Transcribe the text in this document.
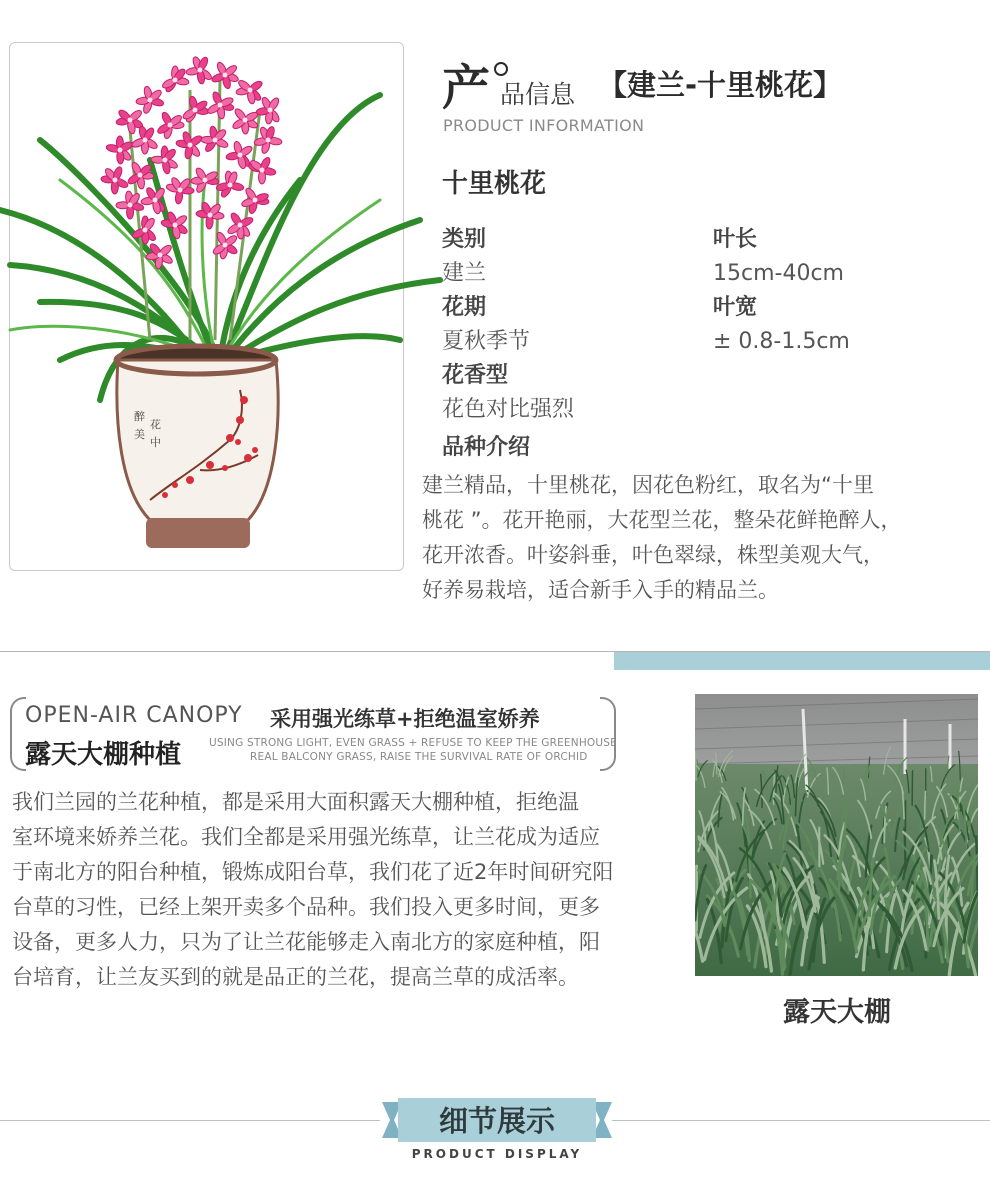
醉
美
花
中
产 品信息 【建兰-十里桃花】
PRODUCT INFORMATION
十里桃花
类别
建兰
花期
夏秋季节
花香型
花色对比强烈
叶长
15cm-40cm
叶宽
± 0.8-1.5cm
品种介绍
建兰精品，十里桃花，因花色粉红，取名为“十里
桃花 ”。花开艳丽，大花型兰花，整朵花鲜艳醉人，
花开浓香。叶姿斜垂，叶色翠绿，株型美观大气，
好养易栽培，适合新手入手的精品兰。
OPEN-AIR CANOPY 采用强光练草+拒绝温室娇养
露天大棚种植	USING STRONG LIGHT, EVEN GRASS + REFUSE TO KEEP THE GREENHOUSE
REAL BALCONY GRASS, RAISE THE SURVIVAL RATE OF ORCHID
我们兰园的兰花种植，都是采用大面积露天大棚种植，拒绝温
室环境来娇养兰花。我们全都是采用强光练草，让兰花成为适应
于南北方的阳台种植，锻炼成阳台草，我们花了近2年时间研究阳
台草的习性，已经上架开卖多个品种。我们投入更多时间，更多
设备，更多人力，只为了让兰花能够走入南北方的家庭种植，阳
台培育，让兰友买到的就是品正的兰花，提高兰草的成活率。
露天大棚
细节展示
PRODUCT DISPLAY
